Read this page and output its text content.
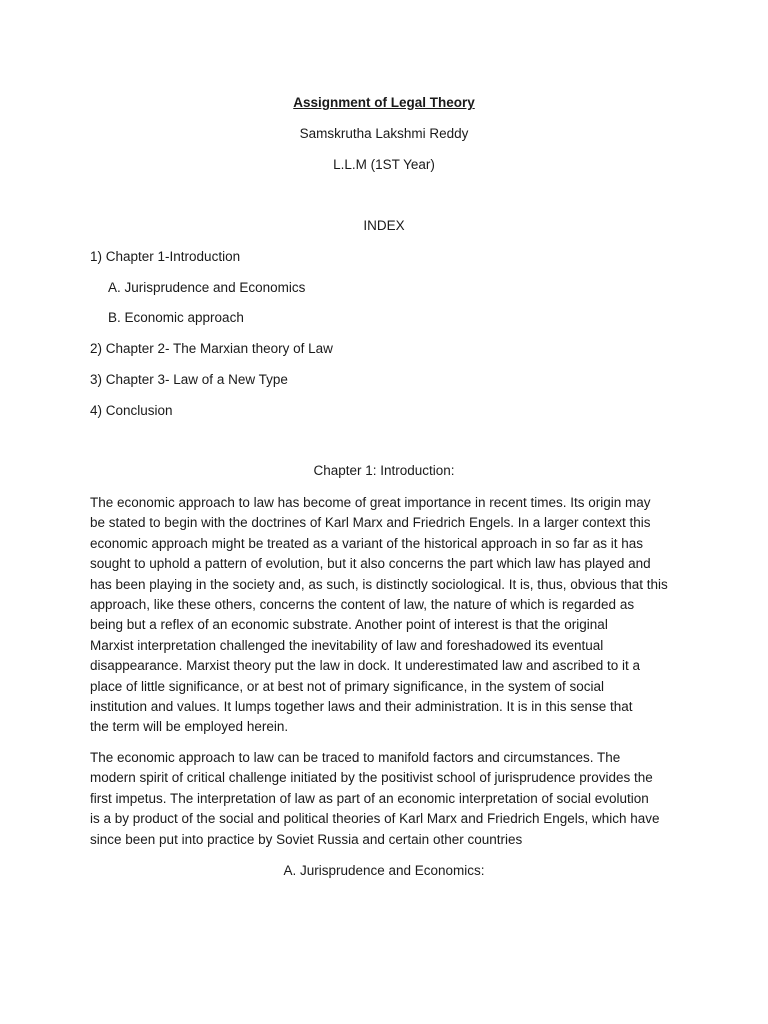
Assignment of Legal Theory
Samskrutha Lakshmi Reddy
L.L.M (1ST Year)
INDEX
1) Chapter 1-Introduction
A. Jurisprudence and Economics
B. Economic approach
2) Chapter 2- The Marxian theory of Law
3) Chapter 3- Law of a New Type
4) Conclusion
Chapter 1: Introduction:
The economic approach to law has become of great importance in recent times. Its origin may
be stated to begin with the doctrines of Karl Marx and Friedrich Engels. In a larger context this
economic approach might be treated as a variant of the historical approach in so far as it has
sought to uphold a pattern of evolution, but it also concerns the part which law has played and
has been playing in the society and, as such, is distinctly sociological. It is, thus, obvious that this
approach, like these others, concerns the content of law, the nature of which is regarded as
being but a reflex of an economic substrate. Another point of interest is that the original
Marxist interpretation challenged the inevitability of law and foreshadowed its eventual
disappearance. Marxist theory put the law in dock. It underestimated law and ascribed to it a
place of little significance, or at best not of primary significance, in the system of social
institution and values. It lumps together laws and their administration. It is in this sense that
the term will be employed herein.
The economic approach to law can be traced to manifold factors and circumstances. The
modern spirit of critical challenge initiated by the positivist school of jurisprudence provides the
first impetus. The interpretation of law as part of an economic interpretation of social evolution
is a by product of the social and political theories of Karl Marx and Friedrich Engels, which have
since been put into practice by Soviet Russia and certain other countries
A. Jurisprudence and Economics:
